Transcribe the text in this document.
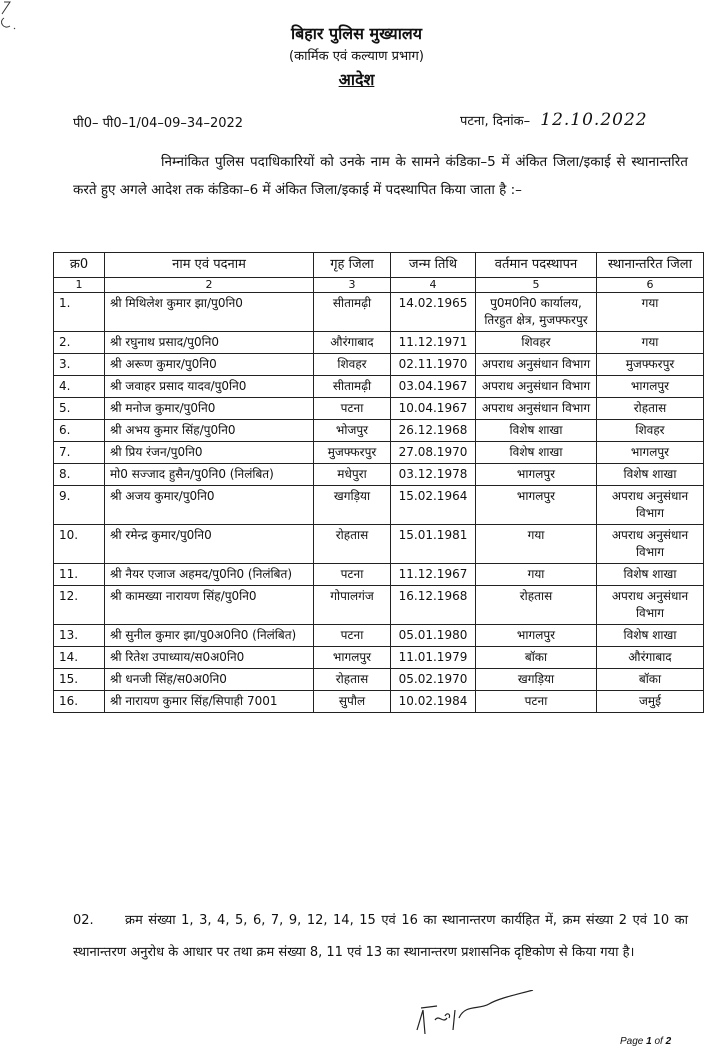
बिहार पुलिस मुख्यालय
(कार्मिक एवं कल्याण प्रभाग)
आदेश
पी0– पी0–1/04–09–34–2022	पटना, दिनांक– 12.10.2022
निम्नांकित पुलिस पदाधिकारियों को उनके नाम के सामने कंडिका–5 में अंकित जिला/इकाई से स्थानान्तरित करते हुए अगले आदेश तक कंडिका–6 में अंकित जिला/इकाई में पदस्थापित किया जाता है :–
क्र0	नाम एवं पदनाम	गृह जिला	जन्म तिथि	वर्तमान पदस्थापन	स्थानान्तरित जिला
1	2	3	4	5	6
1.	श्री मिथिलेश कुमार झा/पु0नि0	सीतामढ़ी	14.02.1965	पु0म0नि0 कार्यालय, तिरहुत क्षेत्र, मुजफ्फरपुर	गया
2.	श्री रघुनाथ प्रसाद/पु0नि0	औरंगाबाद	11.12.1971	शिवहर	गया
3.	श्री अरूण कुमार/पु0नि0	शिवहर	02.11.1970	अपराध अनुसंधान विभाग	मुजफ्फरपुर
4.	श्री जवाहर प्रसाद यादव/पु0नि0	सीतामढ़ी	03.04.1967	अपराध अनुसंधान विभाग	भागलपुर
5.	श्री मनोज कुमार/पु0नि0	पटना	10.04.1967	अपराध अनुसंधान विभाग	रोहतास
6.	श्री अभय कुमार सिंह/पु0नि0	भोजपुर	26.12.1968	विशेष शाखा	शिवहर
7.	श्री प्रिय रंजन/पु0नि0	मुजफ्फरपुर	27.08.1970	विशेष शाखा	भागलपुर
8.	मो0 सज्जाद हुसैन/पु0नि0 (निलंबित)	मधेपुरा	03.12.1978	भागलपुर	विशेष शाखा
9.	श्री अजय कुमार/पु0नि0	खगड़िया	15.02.1964	भागलपुर	अपराध अनुसंधान विभाग
10.	श्री रमेन्द्र कुमार/पु0नि0	रोहतास	15.01.1981	गया	अपराध अनुसंधान विभाग
11.	श्री नैयर एजाज अहमद/पु0नि0 (निलंबित)	पटना	11.12.1967	गया	विशेष शाखा
12.	श्री कामख्या नारायण सिंह/पु0नि0	गोपालगंज	16.12.1968	रोहतास	अपराध अनुसंधान विभाग
13.	श्री सुनील कुमार झा/पु0अ0नि0 (निलंबित)	पटना	05.01.1980	भागलपुर	विशेष शाखा
14.	श्री रितेश उपाध्याय/स0अ0नि0	भागलपुर	11.01.1979	बॉका	औरंगाबाद
15.	श्री धनजी सिंह/स0अ0नि0	रोहतास	05.02.1970	खगड़िया	बॉका
16.	श्री नारायण कुमार सिंह/सिपाही 7001	सुपौल	10.02.1984	पटना	जमुई
02. क्रम संख्या 1, 3, 4, 5, 6, 7, 9, 12, 14, 15 एवं 16 का स्थानान्तरण कार्यहित में, क्रम संख्या 2 एवं 10 का स्थानान्तरण अनुरोध के आधार पर तथा क्रम संख्या 8, 11 एवं 13 का स्थानान्तरण प्रशासनिक दृष्टिकोण से किया गया है।
Page 1 of 2
